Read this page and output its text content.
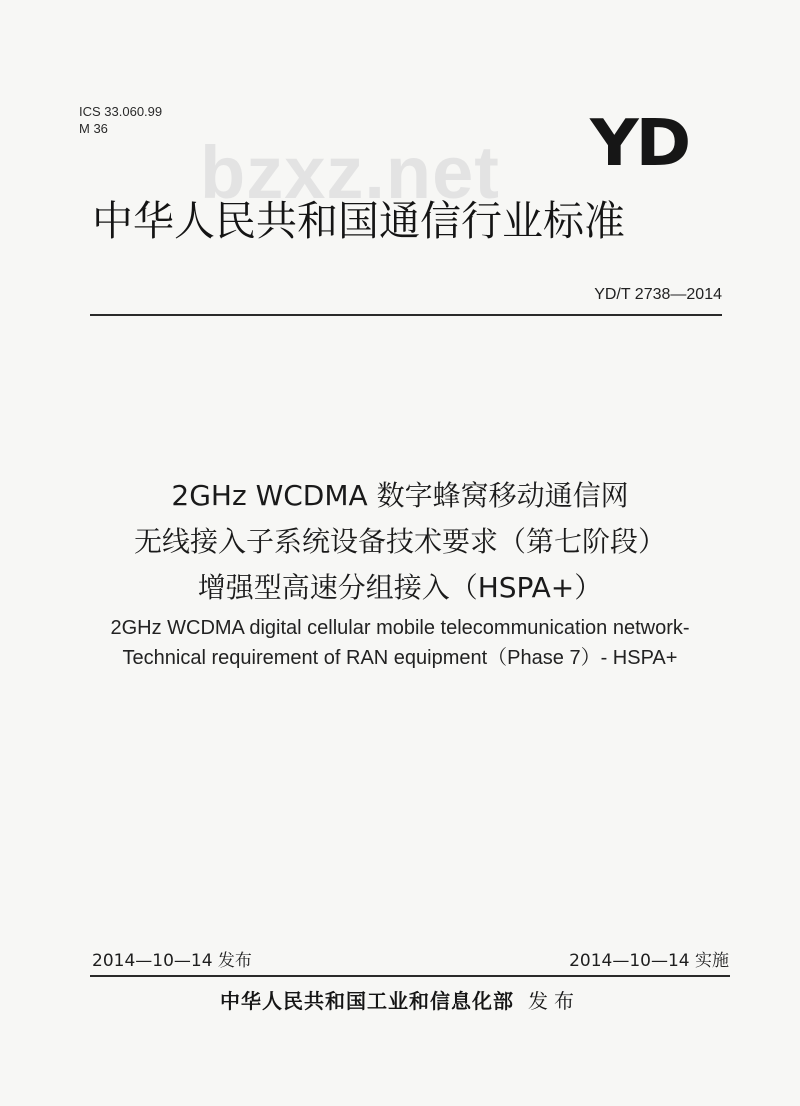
ICS 33.060.99
M 36
bzxz.net YD
中华人民共和国通信行业标准
YD/T 2738—2014
2GHz WCDMA 数字蜂窝移动通信网
无线接入子系统设备技术要求（第七阶段）
增强型高速分组接入（HSPA+）
2GHz WCDMA digital cellular mobile telecommunication network-
Technical requirement of RAN equipment（Phase 7）- HSPA+
2014—10—14 发布	2014—10—14 实施
中华人民共和国工业和信息化部 发布
